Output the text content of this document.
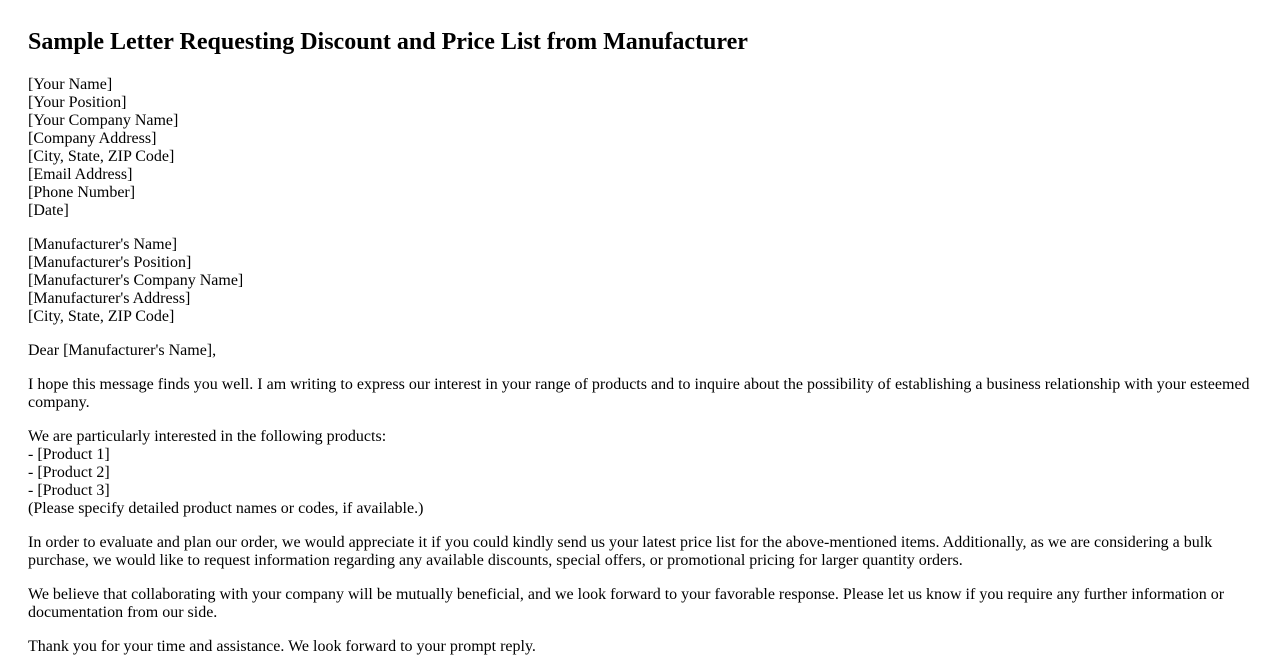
Sample Letter Requesting Discount and Price List from Manufacturer
[Your Name]
[Your Position]
[Your Company Name]
[Company Address]
[City, State, ZIP Code]
[Email Address]
[Phone Number]
[Date]
[Manufacturer's Name]
[Manufacturer's Position]
[Manufacturer's Company Name]
[Manufacturer's Address]
[City, State, ZIP Code]

Dear [Manufacturer's Name],

I hope this message finds you well. I am writing to express our interest in your range of products and to inquire about the possibility of establishing a business relationship with your esteemed company.

We are particularly interested in the following products:
- [Product 1]
- [Product 2]
- [Product 3]
(Please specify detailed product names or codes, if available.)

In order to evaluate and plan our order, we would appreciate it if you could kindly send us your latest price list for the above-mentioned items. Additionally, as we are considering a bulk purchase, we would like to request information regarding any available discounts, special offers, or promotional pricing for larger quantity orders.

We believe that collaborating with your company will be mutually beneficial, and we look forward to your favorable response. Please let us know if you require any further information or documentation from our side.

Thank you for your time and assistance. We look forward to your prompt reply.
